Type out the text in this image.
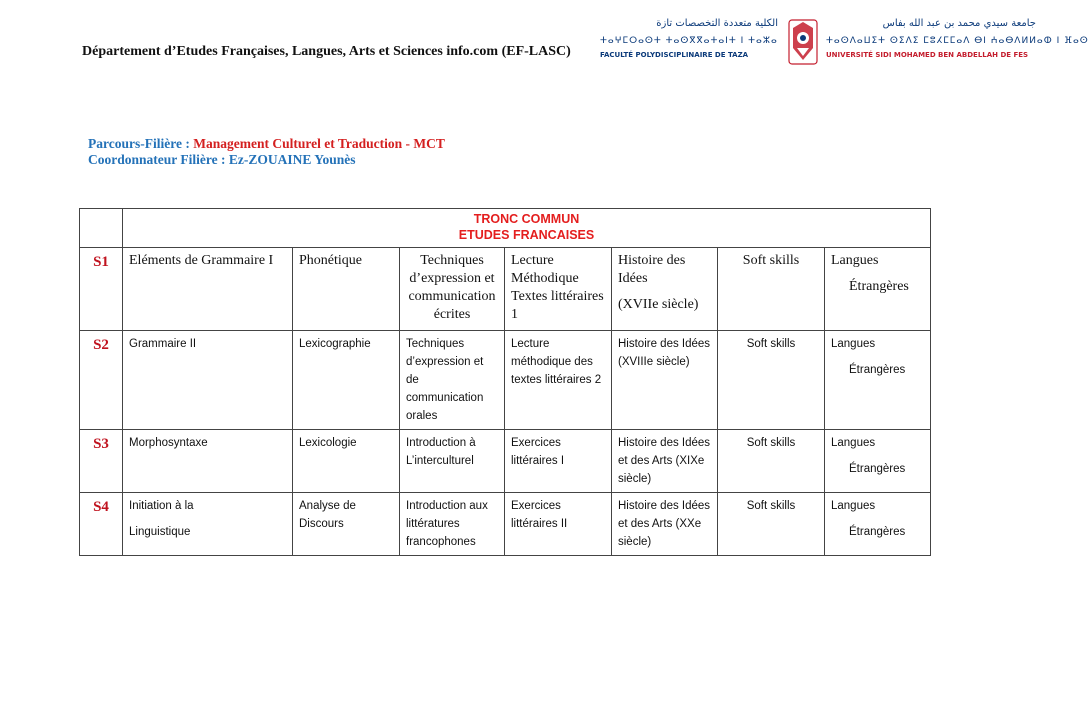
Département d’Etudes Françaises, Langues, Arts et Sciences info.com (EF-LASC)
الكلية متعددة التخصصات تازة
ⵜⴰⵖⵎⵔⴰⵙⵜ ⵜⴰⵙⴳⴳⴰⵜⴰⵏⵜ ⵏ ⵜⴰⵣⴰ
FACULTÉ POLYDISCIPLINAIRE DE TAZA
جامعة سيدي محمد بن عبد الله بفاس
ⵜⴰⵙⴷⴰⵡⵉⵜ ⵙⵉⴷⵉ ⵎⵓⵃⵎⵎⴰⴷ ⴱⵏ ⵄⴰⴱⴷⵍⵍⴰⵀ ⵏ ⴼⴰⵙ
UNIVERSITÉ SIDI MOHAMED BEN ABDELLAH DE FES
Parcours-Filière : Management Culturel et Traduction - MCT
Coordonnateur Filière : Ez-ZOUAINE Younès

	TRONC COMMUN
ETUDES FRANCAISES						

S1	Eléments de Grammaire I	Phonétique	Techniques d’expression et communication écrites	Lecture Méthodique Textes littéraires 1	Histoire des Idées
(XVIIe siècle)	Soft skills	Langues
Étrangères

S2	Grammaire II	Lexicographie	Techniques d’expression et de communication orales	Lecture méthodique des textes littéraires 2	Histoire des Idées (XVIIIe siècle)	Soft skills	Langues
Étrangères

S3	Morphosyntaxe	Lexicologie	Introduction à L’interculturel	Exercices littéraires I	Histoire des Idées et des Arts (XIXe siècle)	Soft skills	Langues
Étrangères

S4	Initiation à la
Linguistique	Analyse de Discours	Introduction aux littératures francophones	Exercices littéraires II	Histoire des Idées et des Arts (XXe siècle)	Soft skills	Langues
Étrangères
